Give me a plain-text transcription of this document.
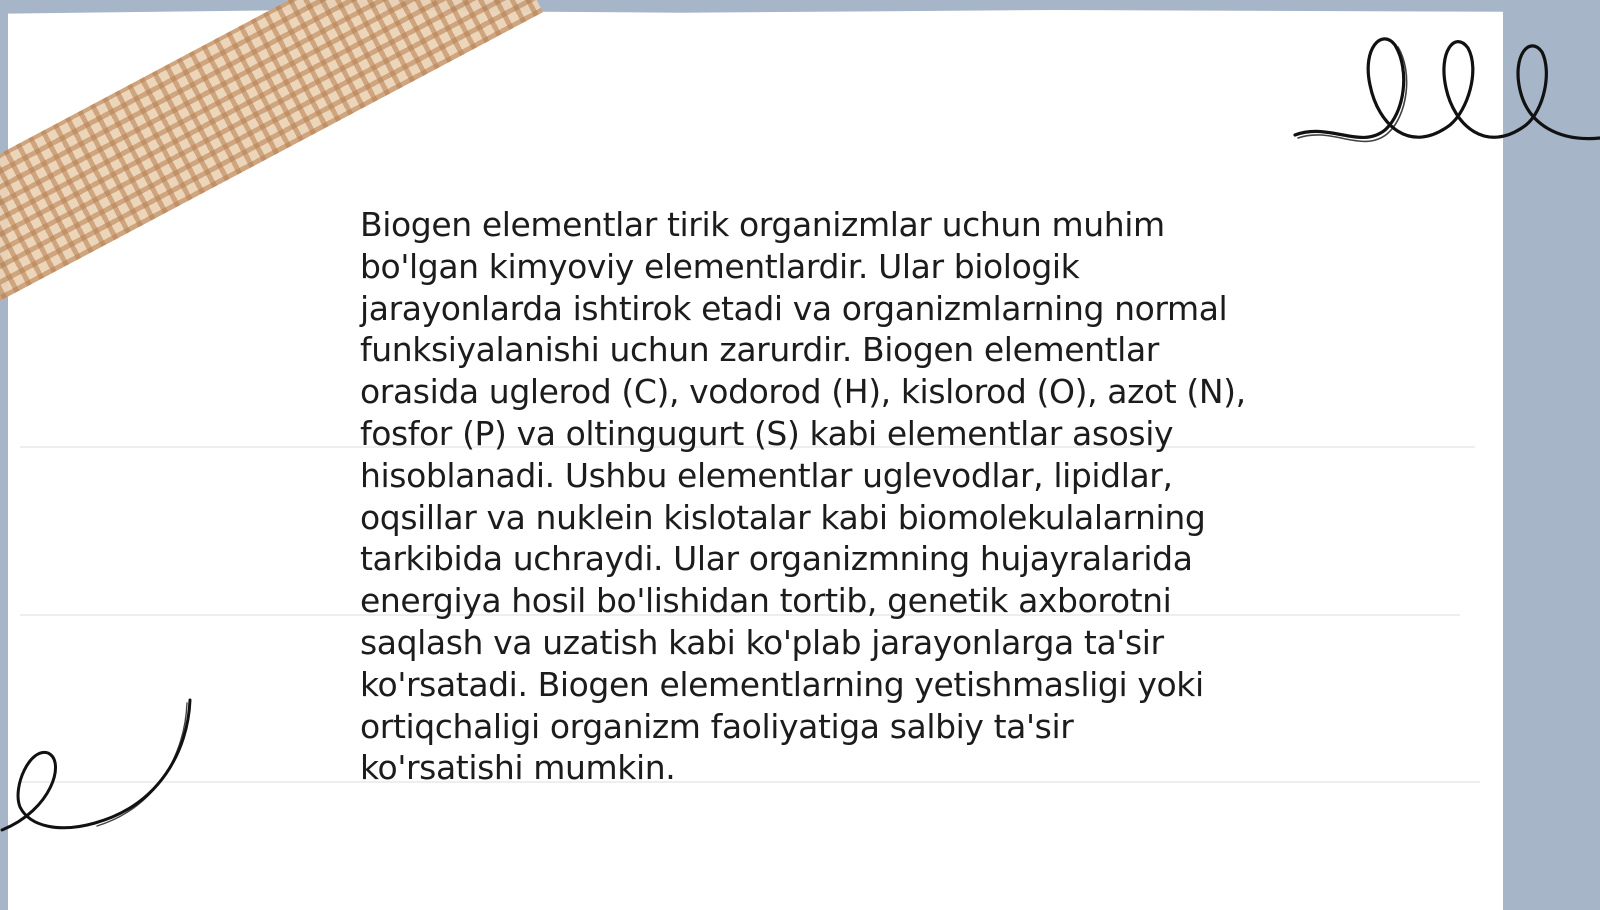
Biogen elementlar tirik organizmlar uchun muhim
bo'lgan kimyoviy elementlardir. Ular biologik
jarayonlarda ishtirok etadi va organizmlarning normal
funksiyalanishi uchun zarurdir. Biogen elementlar
orasida uglerod (C), vodorod (H), kislorod (O), azot (N),
fosfor (P) va oltingugurt (S) kabi elementlar asosiy
hisoblanadi. Ushbu elementlar uglevodlar, lipidlar,
oqsillar va nuklein kislotalar kabi biomolekulalarning
tarkibida uchraydi. Ular organizmning hujayralarida
energiya hosil bo'lishidan tortib, genetik axborotni
saqlash va uzatish kabi ko'plab jarayonlarga ta'sir
ko'rsatadi. Biogen elementlarning yetishmasligi yoki
ortiqchaligi organizm faoliyatiga salbiy ta'sir
ko'rsatishi mumkin.
